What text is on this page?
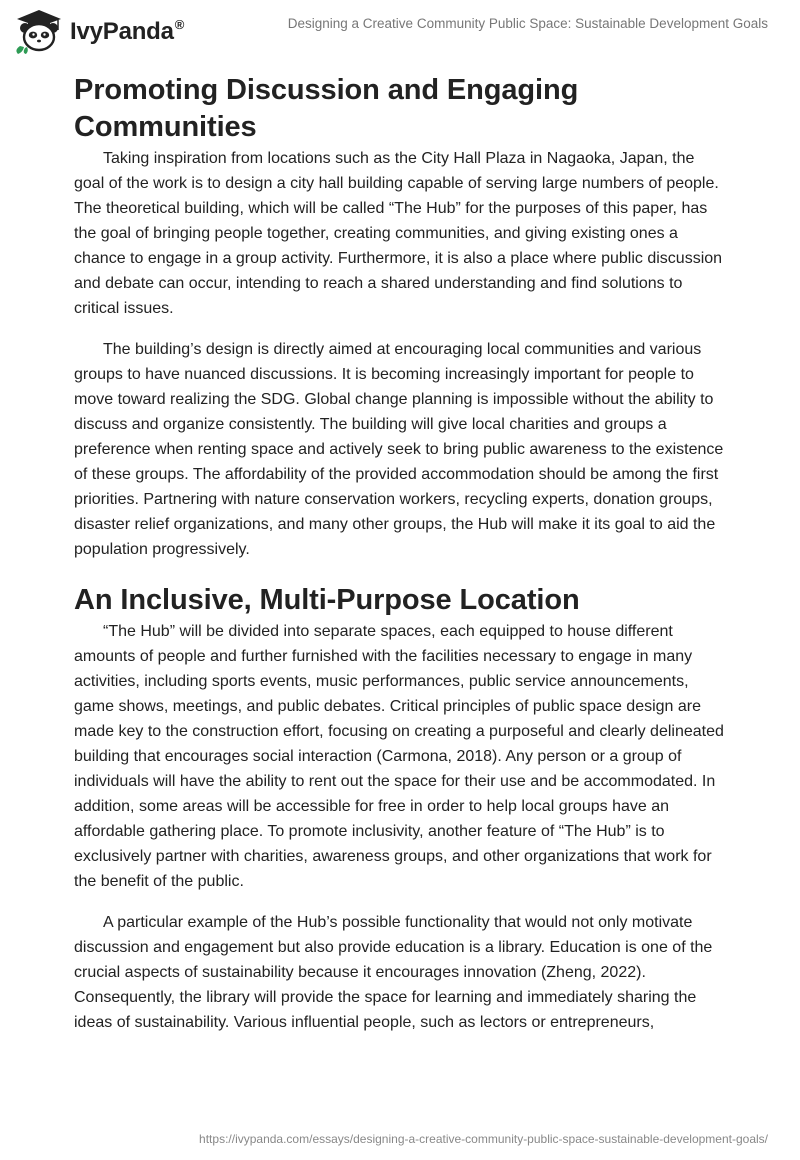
IvyPanda®	Designing a Creative Community Public Space: Sustainable Development Goals
Promoting Discussion and Engaging Communities

Taking inspiration from locations such as the City Hall Plaza in Nagaoka, Japan, the goal of the work is to design a city hall building capable of serving large numbers of people. The theoretical building, which will be called “The Hub” for the purposes of this paper, has the goal of bringing people together, creating communities, and giving existing ones a chance to engage in a group activity. Furthermore, it is also a place where public discussion and debate can occur, intending to reach a shared understanding and find solutions to critical issues.

The building’s design is directly aimed at encouraging local communities and various groups to have nuanced discussions. It is becoming increasingly important for people to move toward realizing the SDG. Global change planning is impossible without the ability to discuss and organize consistently. The building will give local charities and groups a preference when renting space and actively seek to bring public awareness to the existence of these groups. The affordability of the provided accommodation should be among the first priorities. Partnering with nature conservation workers, recycling experts, donation groups, disaster relief organizations, and many other groups, the Hub will make it its goal to aid the population progressively.

An Inclusive, Multi-Purpose Location

“The Hub” will be divided into separate spaces, each equipped to house different amounts of people and further furnished with the facilities necessary to engage in many activities, including sports events, music performances, public service announcements, game shows, meetings, and public debates. Critical principles of public space design are made key to the construction effort, focusing on creating a purposeful and clearly delineated building that encourages social interaction (Carmona, 2018). Any person or a group of individuals will have the ability to rent out the space for their use and be accommodated. In addition, some areas will be accessible for free in order to help local groups have an affordable gathering place. To promote inclusivity, another feature of “The Hub” is to exclusively partner with charities, awareness groups, and other organizations that work for the benefit of the public.

A particular example of the Hub’s possible functionality that would not only motivate discussion and engagement but also provide education is a library. Education is one of the crucial aspects of sustainability because it encourages innovation (Zheng, 2022). Consequently, the library will provide the space for learning and immediately sharing the ideas of sustainability. Various influential people, such as lectors or entrepreneurs,

https://ivypanda.com/essays/designing-a-creative-community-public-space-sustainable-development-goals/
